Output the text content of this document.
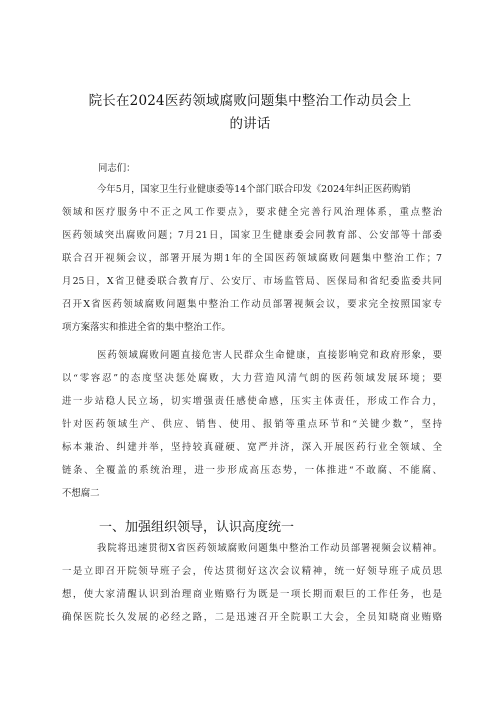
院长在2024医药领域腐败问题集中整治工作动员会上
的讲话
同志们：
今年5月，国家卫生行业健康委等14个部门联合印发《2024年纠正医药购销
领域和医疗服务中不正之风工作要点》，要求健全完善行风治理体系，重点整治
医药领域突出腐败问题；7月21日，国家卫生健康委会同教育部、公安部等十部委
联合召开视频会议，部署开展为期1年的全国医药领域腐败问题集中整治工作；7
月25日，X省卫健委联合教育厅、公安厅、市场监管局、医保局和省纪委监委共同
召开X省医药领域腐败问题集中整治工作动员部署视频会议，要求完全按照国家专
项方案落实和推进全省的集中整治工作。
医药领域腐败问题直接危害人民群众生命健康，直接影响党和政府形象，要
以“零容忍”的态度坚决惩处腐败，大力营造风清气朗的医药领域发展环境；要
进一步站稳人民立场，切实增强责任感使命感，压实主体责任，形成工作合力，
针对医药领域生产、供应、销售、使用、报销等重点环节和“关键少数”，坚持
标本兼治、纠建并举，坚持较真碰硬、宽严并济，深入开展医药行业全领域、全
链条、全覆盖的系统治理，进一步形成高压态势，一体推进“不敢腐、不能腐、
不想腐二
一、加强组织领导，认识高度统一
我院将迅速贯彻X省医药领域腐败问题集中整治工作动员部署视频会议精神。
一是立即召开院领导班子会，传达贯彻好这次会议精神，统一好领导班子成员思
想，使大家清醒认识到治理商业贿赂行为既是一项长期而艰巨的工作任务，也是
确保医院长久发展的必经之路，二是迅速召开全院职工大会，全员知晓商业贿赂
